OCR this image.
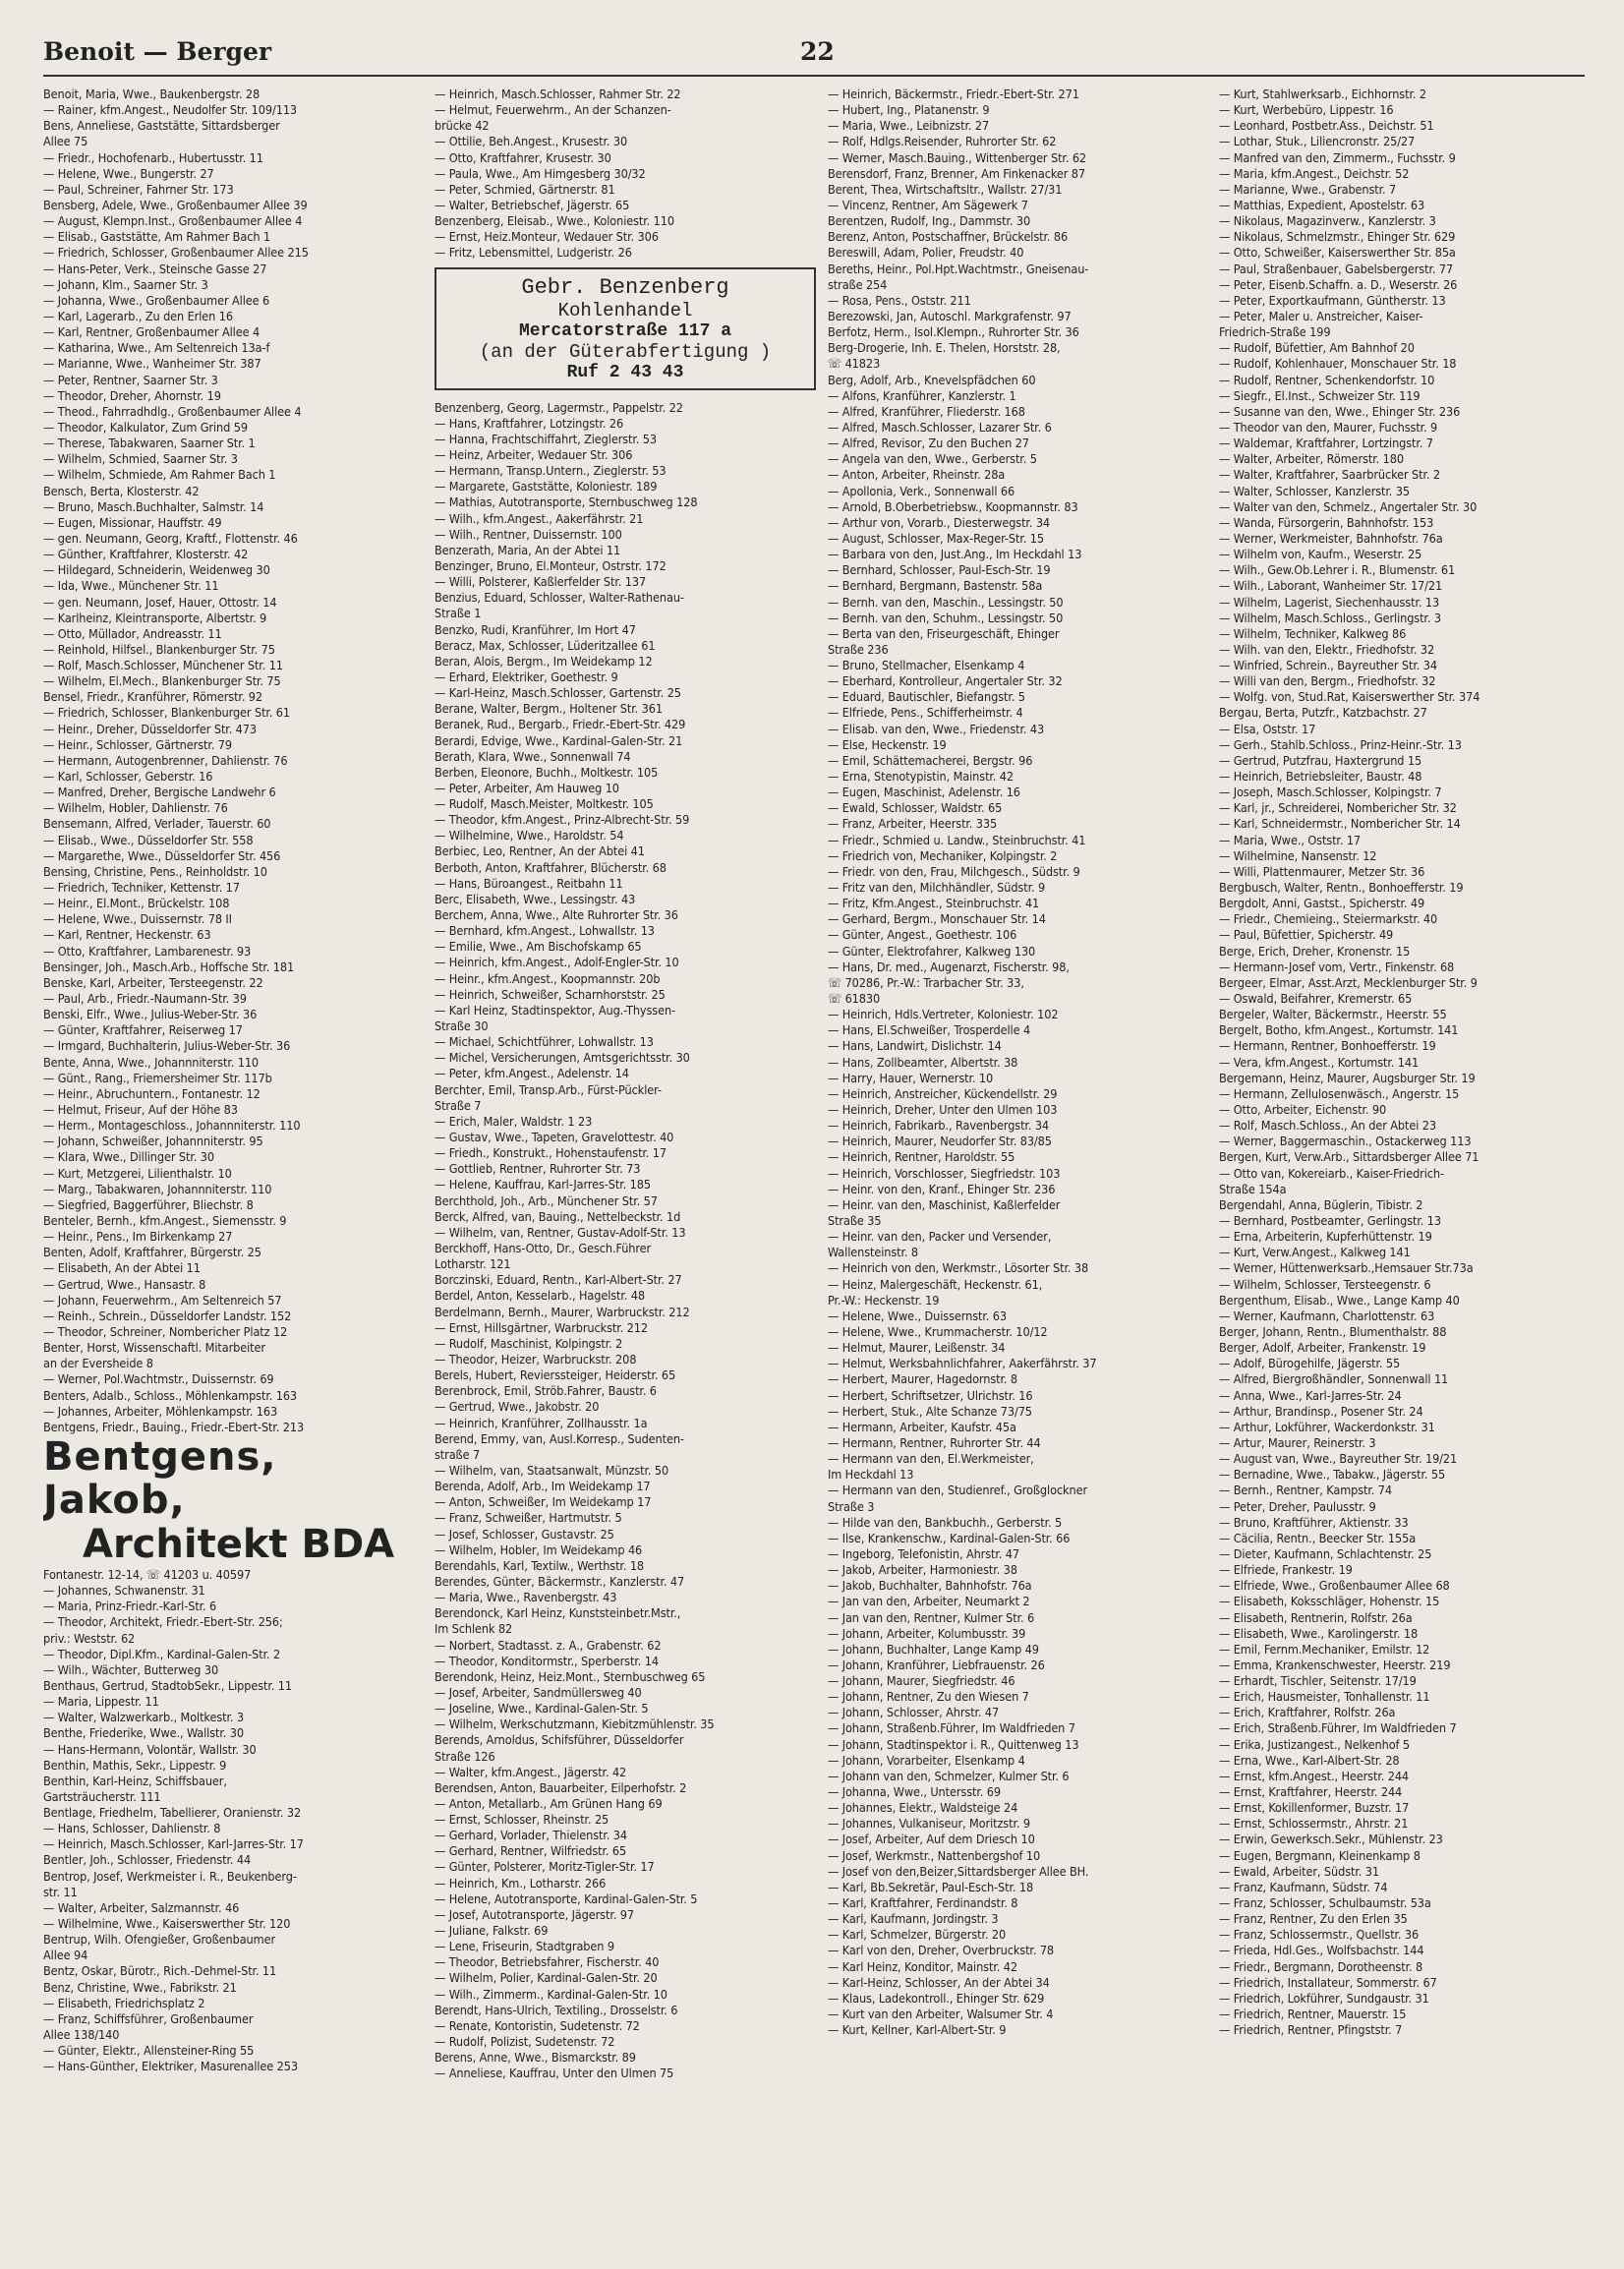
Benoit — Berger	22
Benoit, Maria, Wwe., Baukenbergstr. 28
— Rainer, kfm.Angest., Neudolfer Str. 109/113
Bens, Anneliese, Gaststätte, Sittardsberger
Allee 75
— Friedr., Hochofenarb., Hubertusstr. 11
— Helene, Wwe., Bungerstr. 27
— Paul, Schreiner, Fahrner Str. 173
Bensberg, Adele, Wwe., Großenbaumer Allee 39
— August, Klempn.Inst., Großenbaumer Allee 4
— Elisab., Gaststätte, Am Rahmer Bach 1
— Friedrich, Schlosser, Großenbaumer Allee 215
— Hans-Peter, Verk., Steinsche Gasse 27
— Johann, Klm., Saarner Str. 3
— Johanna, Wwe., Großenbaumer Allee 6
— Karl, Lagerarb., Zu den Erlen 16
— Karl, Rentner, Großenbaumer Allee 4
— Katharina, Wwe., Am Seltenreich 13a-f
— Marianne, Wwe., Wanheimer Str. 387
— Peter, Rentner, Saarner Str. 3
— Theodor, Dreher, Ahornstr. 19
— Theod., Fahrradhdlg., Großenbaumer Allee 4
— Theodor, Kalkulator, Zum Grind 59
— Therese, Tabakwaren, Saarner Str. 1
— Wilhelm, Schmied, Saarner Str. 3
— Wilhelm, Schmiede, Am Rahmer Bach 1
Bensch, Berta, Klosterstr. 42
— Bruno, Masch.Buchhalter, Salmstr. 14
— Eugen, Missionar, Hauffstr. 49
— gen. Neumann, Georg, Kraftf., Flottenstr. 46
— Günther, Kraftfahrer, Klosterstr. 42
— Hildegard, Schneiderin, Weidenweg 30
— Ida, Wwe., Münchener Str. 11
— gen. Neumann, Josef, Hauer, Ottostr. 14
— Karlheinz, Kleintransporte, Albertstr. 9
— Otto, Müllador, Andreasstr. 11
— Reinhold, Hilfsel., Blankenburger Str. 75
— Rolf, Masch.Schlosser, Münchener Str. 11
— Wilhelm, El.Mech., Blankenburger Str. 75
Bensel, Friedr., Kranführer, Römerstr. 92
— Friedrich, Schlosser, Blankenburger Str. 61
— Heinr., Dreher, Düsseldorfer Str. 473
— Heinr., Schlosser, Gärtnerstr. 79
— Hermann, Autogenbrenner, Dahlienstr. 76
— Karl, Schlosser, Geberstr. 16
— Manfred, Dreher, Bergische Landwehr 6
— Wilhelm, Hobler, Dahlienstr. 76
Bensemann, Alfred, Verlader, Tauerstr. 60
— Elisab., Wwe., Düsseldorfer Str. 558
— Margarethe, Wwe., Düsseldorfer Str. 456
Bensing, Christine, Pens., Reinholdstr. 10
— Friedrich, Techniker, Kettenstr. 17
— Heinr., El.Mont., Brückelstr. 108
— Helene, Wwe., Duissernstr. 78 II
— Karl, Rentner, Heckenstr. 63
— Otto, Kraftfahrer, Lambarenestr. 93
Bensinger, Joh., Masch.Arb., Hoffsche Str. 181
Benske, Karl, Arbeiter, Tersteegenstr. 22
— Paul, Arb., Friedr.-Naumann-Str. 39
Benski, Elfr., Wwe., Julius-Weber-Str. 36
— Günter, Kraftfahrer, Reiserweg 17
— Irmgard, Buchhalterin, Julius-Weber-Str. 36
Bente, Anna, Wwe., Johannniterstr. 110
— Günt., Rang., Friemersheimer Str. 117b
— Heinr., Abruchuntern., Fontanestr. 12
— Helmut, Friseur, Auf der Höhe 83
— Herm., Montageschloss., Johannniterstr. 110
— Johann, Schweißer, Johannniterstr. 95
— Klara, Wwe., Dillinger Str. 30
— Kurt, Metzgerei, Lilienthalstr. 10
— Marg., Tabakwaren, Johannniterstr. 110
— Siegfried, Baggerführer, Bliechstr. 8
Benteler, Bernh., kfm.Angest., Siemensstr. 9
— Heinr., Pens., Im Birkenkamp 27
Benten, Adolf, Kraftfahrer, Bürgerstr. 25
— Elisabeth, An der Abtei 11
— Gertrud, Wwe., Hansastr. 8
— Johann, Feuerwehrm., Am Seltenreich 57
— Reinh., Schrein., Düsseldorfer Landstr. 152
— Theodor, Schreiner, Nombericher Platz 12
Benter, Horst, Wissenschaftl. Mitarbeiter
an der Eversheide 8
— Werner, Pol.Wachtmstr., Duissernstr. 69
Benters, Adalb., Schloss., Möhlenkampstr. 163
— Johannes, Arbeiter, Möhlenkampstr. 163
Bentgens, Friedr., Bauing., Friedr.-Ebert-Str. 213
Bentgens, Jakob,
Architekt BDA
Fontanestr. 12-14, ☏ 41203 u. 40597
— Johannes, Schwanenstr. 31
— Maria, Prinz-Friedr.-Karl-Str. 6
— Theodor, Architekt, Friedr.-Ebert-Str. 256;
priv.: Weststr. 62
— Theodor, Dipl.Kfm., Kardinal-Galen-Str. 2
— Wilh., Wächter, Butterweg 30
Benthaus, Gertrud, StadtobSekr., Lippestr. 11
— Maria, Lippestr. 11
— Walter, Walzwerkarb., Moltkestr. 3
Benthe, Friederike, Wwe., Wallstr. 30
— Hans-Hermann, Volontär, Wallstr. 30
Benthin, Mathis, Sekr., Lippestr. 9
Benthin, Karl-Heinz, Schiffsbauer,
Gartsträucherstr. 111
Bentlage, Friedhelm, Tabellierer, Oranienstr. 32
— Hans, Schlosser, Dahlienstr. 8
— Heinrich, Masch.Schlosser, Karl-Jarres-Str. 17
Bentler, Joh., Schlosser, Friedenstr. 44
Bentrop, Josef, Werkmeister i. R., Beukenberg-
str. 11
— Walter, Arbeiter, Salzmannstr. 46
— Wilhelmine, Wwe., Kaiserswerther Str. 120
Bentrup, Wilh. Ofengießer, Großenbaumer
Allee 94
Bentz, Oskar, Bürotr., Rich.-Dehmel-Str. 11
Benz, Christine, Wwe., Fabrikstr. 21
— Elisabeth, Friedrichsplatz 2
— Franz, Schiffsführer, Großenbaumer
Allee 138/140
— Günter, Elektr., Allensteiner-Ring 55
— Hans-Günther, Elektriker, Masurenallee 253
— Heinrich, Masch.Schlosser, Rahmer Str. 22
— Helmut, Feuerwehrm., An der Schanzen-
brücke 42
— Ottilie, Beh.Angest., Krusestr. 30
— Otto, Kraftfahrer, Krusestr. 30
— Paula, Wwe., Am Himgesberg 30/32
— Peter, Schmied, Gärtnerstr. 81
— Walter, Betriebschef, Jägerstr. 65
Benzenberg, Eleisab., Wwe., Koloniestr. 110
— Ernst, Heiz.Monteur, Wedauer Str. 306
— Fritz, Lebensmittel, Ludgeristr. 26
Gebr. Benzenberg
Kohlenhandel
Mercatorstraße 117 a
(an der Güterabfertigung )
Ruf 2 43 43
Benzenberg, Georg, Lagermstr., Pappelstr. 22
— Hans, Kraftfahrer, Lotzingstr. 26
— Hanna, Frachtschiffahrt, Zieglerstr. 53
— Heinz, Arbeiter, Wedauer Str. 306
— Hermann, Transp.Untern., Zieglerstr. 53
— Margarete, Gaststätte, Koloniestr. 189
— Mathias, Autotransporte, Sternbuschweg 128
— Wilh., kfm.Angest., Aakerfährstr. 21
— Wilh., Rentner, Duissernstr. 100
Benzerath, Maria, An der Abtei 11
Benzinger, Bruno, El.Monteur, Ostrstr. 172
— Willi, Polsterer, Kaßlerfelder Str. 137
Benzius, Eduard, Schlosser, Walter-Rathenau-
Straße 1
Benzko, Rudi, Kranführer, Im Hort 47
Beracz, Max, Schlosser, Lüderitzallee 61
Beran, Alois, Bergm., Im Weidekamp 12
— Erhard, Elektriker, Goethestr. 9
— Karl-Heinz, Masch.Schlosser, Gartenstr. 25
Berane, Walter, Bergm., Holtener Str. 361
Beranek, Rud., Bergarb., Friedr.-Ebert-Str. 429
Berardi, Edvige, Wwe., Kardinal-Galen-Str. 21
Berath, Klara, Wwe., Sonnenwall 74
Berben, Eleonore, Buchh., Moltkestr. 105
— Peter, Arbeiter, Am Hauweg 10
— Rudolf, Masch.Meister, Moltkestr. 105
— Theodor, kfm.Angest., Prinz-Albrecht-Str. 59
— Wilhelmine, Wwe., Haroldstr. 54
Berbiec, Leo, Rentner, An der Abtei 41
Berboth, Anton, Kraftfahrer, Blücherstr. 68
— Hans, Büroangest., Reitbahn 11
Berc, Elisabeth, Wwe., Lessingstr. 43
Berchem, Anna, Wwe., Alte Ruhrorter Str. 36
— Bernhard, kfm.Angest., Lohwallstr. 13
— Emilie, Wwe., Am Bischofskamp 65
— Heinrich, kfm.Angest., Adolf-Engler-Str. 10
— Heinr., kfm.Angest., Koopmannstr. 20b
— Heinrich, Schweißer, Scharnhorststr. 25
— Karl Heinz, Stadtinspektor, Aug.-Thyssen-
Straße 30
— Michael, Schichtführer, Lohwallstr. 13
— Michel, Versicherungen, Amtsgerichtsstr. 30
— Peter, kfm.Angest., Adelenstr. 14
Berchter, Emil, Transp.Arb., Fürst-Pückler-
Straße 7
— Erich, Maler, Waldstr. 1 23
— Gustav, Wwe., Tapeten, Gravelottestr. 40
— Friedh., Konstrukt., Hohenstaufenstr. 17
— Gottlieb, Rentner, Ruhrorter Str. 73
— Helene, Kauffrau, Karl-Jarres-Str. 185
Berchthold, Joh., Arb., Münchener Str. 57
Berck, Alfred, van, Bauing., Nettelbeckstr. 1d
— Wilhelm, van, Rentner, Gustav-Adolf-Str. 13
Berckhoff, Hans-Otto, Dr., Gesch.Führer
Lotharstr. 121
Borczinski, Eduard, Rentn., Karl-Albert-Str. 27
Berdel, Anton, Kesselarb., Hagelstr. 48
Berdelmann, Bernh., Maurer, Warbruckstr. 212
— Ernst, Hillsgärtner, Warbruckstr. 212
— Rudolf, Maschinist, Kolpingstr. 2
— Theodor, Heizer, Warbruckstr. 208
Berels, Hubert, Revierssteiger, Heiderstr. 65
Berenbrock, Emil, Ströb.Fahrer, Baustr. 6
— Gertrud, Wwe., Jakobstr. 20
— Heinrich, Kranführer, Zollhausstr. 1a
Berend, Emmy, van, Ausl.Korresp., Sudenten-
straße 7
— Wilhelm, van, Staatsanwalt, Münzstr. 50
Berenda, Adolf, Arb., Im Weidekamp 17
— Anton, Schweißer, Im Weidekamp 17
— Franz, Schweißer, Hartmutstr. 5
— Josef, Schlosser, Gustavstr. 25
— Wilhelm, Hobler, Im Weidekamp 46
Berendahls, Karl, Textilw., Werthstr. 18
Berendes, Günter, Bäckermstr., Kanzlerstr. 47
— Maria, Wwe., Ravenbergstr. 43
Berendonck, Karl Heinz, Kunststeinbetr.Mstr.,
Im Schlenk 82
— Norbert, Stadtasst. z. A., Grabenstr. 62
— Theodor, Konditormstr., Sperberstr. 14
Berendonk, Heinz, Heiz.Mont., Sternbuschweg 65
— Josef, Arbeiter, Sandmüllersweg 40
— Joseline, Wwe., Kardinal-Galen-Str. 5
— Wilhelm, Werkschutzmann, Kiebitzmühlenstr. 35
Berends, Arnoldus, Schifsführer, Düsseldorfer
Straße 126
— Walter, kfm.Angest., Jägerstr. 42
Berendsen, Anton, Bauarbeiter, Eilperhofstr. 2
— Anton, Metallarb., Am Grünen Hang 69
— Ernst, Schlosser, Rheinstr. 25
— Gerhard, Vorlader, Thielenstr. 34
— Gerhard, Rentner, Wilfriedstr. 65
— Günter, Polsterer, Moritz-Tigler-Str. 17
— Heinrich, Km., Lotharstr. 266
— Helene, Autotransporte, Kardinal-Galen-Str. 5
— Josef, Autotransporte, Jägerstr. 97
— Juliane, Falkstr. 69
— Lene, Friseurin, Stadtgraben 9
— Theodor, Betriebsfahrer, Fischerstr. 40
— Wilhelm, Polier, Kardinal-Galen-Str. 20
— Wilh., Zimmerm., Kardinal-Galen-Str. 10
Berendt, Hans-Ulrich, Textiling., Drosselstr. 6
— Renate, Kontoristin, Sudetenstr. 72
— Rudolf, Polizist, Sudetenstr. 72
Berens, Anne, Wwe., Bismarckstr. 89
— Anneliese, Kauffrau, Unter den Ulmen 75
— Heinrich, Bäckermstr., Friedr.-Ebert-Str. 271
— Hubert, Ing., Platanenstr. 9
— Maria, Wwe., Leibnizstr. 27
— Rolf, Hdlgs.Reisender, Ruhrorter Str. 62
— Werner, Masch.Bauing., Wittenberger Str. 62
Berensdorf, Franz, Brenner, Am Finkenacker 87
Berent, Thea, Wirtschaftsltr., Wallstr. 27/31
— Vincenz, Rentner, Am Sägewerk 7
Berentzen, Rudolf, Ing., Dammstr. 30
Berenz, Anton, Postschaffner, Brückelstr. 86
Bereswill, Adam, Polier, Freudstr. 40
Bereths, Heinr., Pol.Hpt.Wachtmstr., Gneisenau-
straße 254
— Rosa, Pens., Oststr. 211
Berezowski, Jan, Autoschl. Markgrafenstr. 97
Berfotz, Herm., Isol.Klempn., Ruhrorter Str. 36
Berg-Drogerie, Inh. E. Thelen, Horststr. 28,
☏ 41823
Berg, Adolf, Arb., Knevelspfädchen 60
— Alfons, Kranführer, Kanzlerstr. 1
— Alfred, Kranführer, Fliederstr. 168
— Alfred, Masch.Schlosser, Lazarer Str. 6
— Alfred, Revisor, Zu den Buchen 27
— Angela van den, Wwe., Gerberstr. 5
— Anton, Arbeiter, Rheinstr. 28a
— Apollonia, Verk., Sonnenwall 66
— Arnold, B.Oberbetriebsw., Koopmannstr. 83
— Arthur von, Vorarb., Diesterwegstr. 34
— August, Schlosser, Max-Reger-Str. 15
— Barbara von den, Just.Ang., Im Heckdahl 13
— Bernhard, Schlosser, Paul-Esch-Str. 19
— Bernhard, Bergmann, Bastenstr. 58a
— Bernh. van den, Maschin., Lessingstr. 50
— Bernh. van den, Schuhm., Lessingstr. 50
— Berta van den, Friseurgeschäft, Ehinger
Straße 236
— Bruno, Stellmacher, Elsenkamp 4
— Eberhard, Kontrolleur, Angertaler Str. 32
— Eduard, Bautischler, Biefangstr. 5
— Elfriede, Pens., Schifferheimstr. 4
— Elisab. van den, Wwe., Friedenstr. 43
— Else, Heckenstr. 19
— Emil, Schättemacherei, Bergstr. 96
— Erna, Stenotypistin, Mainstr. 42
— Eugen, Maschinist, Adelenstr. 16
— Ewald, Schlosser, Waldstr. 65
— Franz, Arbeiter, Heerstr. 335
— Friedr., Schmied u. Landw., Steinbruchstr. 41
— Friedrich von, Mechaniker, Kolpingstr. 2
— Friedr. von den, Frau, Milchgesch., Südstr. 9
— Fritz van den, Milchhändler, Südstr. 9
— Fritz, Kfm.Angest., Steinbruchstr. 41
— Gerhard, Bergm., Monschauer Str. 14
— Günter, Angest., Goethestr. 106
— Günter, Elektrofahrer, Kalkweg 130
— Hans, Dr. med., Augenarzt, Fischerstr. 98,
☏ 70286, Pr.-W.: Trarbacher Str. 33,
☏ 61830
— Heinrich, Hdls.Vertreter, Koloniestr. 102
— Hans, El.Schweißer, Trosperdelle 4
— Hans, Landwirt, Dislichstr. 14
— Hans, Zollbeamter, Albertstr. 38
— Harry, Hauer, Wernerstr. 10
— Heinrich, Anstreicher, Kückendellstr. 29
— Heinrich, Dreher, Unter den Ulmen 103
— Heinrich, Fabrikarb., Ravenbergstr. 34
— Heinrich, Maurer, Neudorfer Str. 83/85
— Heinrich, Rentner, Haroldstr. 55
— Heinrich, Vorschlosser, Siegfriedstr. 103
— Heinr. von den, Kranf., Ehinger Str. 236
— Heinr. van den, Maschinist, Kaßlerfelder
Straße 35
— Heinr. van den, Packer und Versender,
Wallensteinstr. 8
— Heinrich von den, Werkmstr., Lösorter Str. 38
— Heinz, Malergeschäft, Heckenstr. 61,
Pr.-W.: Heckenstr. 19
— Helene, Wwe., Duissernstr. 63
— Helene, Wwe., Krummacherstr. 10/12
— Helmut, Maurer, Leißenstr. 34
— Helmut, Werksbahnlichfahrer, Aakerfährstr. 37
— Herbert, Maurer, Hagedornstr. 8
— Herbert, Schriftsetzer, Ulrichstr. 16
— Herbert, Stuk., Alte Schanze 73/75
— Hermann, Arbeiter, Kaufstr. 45a
— Hermann, Rentner, Ruhrorter Str. 44
— Hermann van den, El.Werkmeister,
Im Heckdahl 13
— Hermann van den, Studienref., Großglockner
Straße 3
— Hilde van den, Bankbuchh., Gerberstr. 5
— Ilse, Krankenschw., Kardinal-Galen-Str. 66
— Ingeborg, Telefonistin, Ahrstr. 47
— Jakob, Arbeiter, Harmoniestr. 38
— Jakob, Buchhalter, Bahnhofstr. 76a
— Jan van den, Arbeiter, Neumarkt 2
— Jan van den, Rentner, Kulmer Str. 6
— Johann, Arbeiter, Kolumbusstr. 39
— Johann, Buchhalter, Lange Kamp 49
— Johann, Kranführer, Liebfrauenstr. 26
— Johann, Maurer, Siegfriedstr. 46
— Johann, Rentner, Zu den Wiesen 7
— Johann, Schlosser, Ahrstr. 47
— Johann, Straßenb.Führer, Im Waldfrieden 7
— Johann, Stadtinspektor i. R., Quittenweg 13
— Johann, Vorarbeiter, Elsenkamp 4
— Johann van den, Schmelzer, Kulmer Str. 6
— Johanna, Wwe., Untersstr. 69
— Johannes, Elektr., Waldsteige 24
— Johannes, Vulkaniseur, Moritzstr. 9
— Josef, Arbeiter, Auf dem Driesch 10
— Josef, Werkmstr., Nattenbergshof 10
— Josef von den,Beizer,Sittardsberger Allee BH.
— Karl, Bb.Sekretär, Paul-Esch-Str. 18
— Karl, Kraftfahrer, Ferdinandstr. 8
— Karl, Kaufmann, Jordingstr. 3
— Karl, Schmelzer, Bürgerstr. 20
— Karl von den, Dreher, Overbruckstr. 78
— Karl Heinz, Konditor, Mainstr. 42
— Karl-Heinz, Schlosser, An der Abtei 34
— Klaus, Ladekontroll., Ehinger Str. 629
— Kurt van den Arbeiter, Walsumer Str. 4
— Kurt, Kellner, Karl-Albert-Str. 9
— Kurt, Stahlwerksarb., Eichhornstr. 2
— Kurt, Werbebüro, Lippestr. 16
— Leonhard, Postbetr.Ass., Deichstr. 51
— Lothar, Stuk., Liliencronstr. 25/27
— Manfred van den, Zimmerm., Fuchsstr. 9
— Maria, kfm.Angest., Deichstr. 52
— Marianne, Wwe., Grabenstr. 7
— Matthias, Expedient, Apostelstr. 63
— Nikolaus, Magazinverw., Kanzlerstr. 3
— Nikolaus, Schmelzmstr., Ehinger Str. 629
— Otto, Schweißer, Kaiserswerther Str. 85a
— Paul, Straßenbauer, Gabelsbergerstr. 77
— Peter, Eisenb.Schaffn. a. D., Weserstr. 26
— Peter, Exportkaufmann, Güntherstr. 13
— Peter, Maler u. Anstreicher, Kaiser-
Friedrich-Straße 199
— Rudolf, Büfettier, Am Bahnhof 20
— Rudolf, Kohlenhauer, Monschauer Str. 18
— Rudolf, Rentner, Schenkendorfstr. 10
— Siegfr., El.Inst., Schweizer Str. 119
— Susanne van den, Wwe., Ehinger Str. 236
— Theodor van den, Maurer, Fuchsstr. 9
— Waldemar, Kraftfahrer, Lortzingstr. 7
— Walter, Arbeiter, Römerstr. 180
— Walter, Kraftfahrer, Saarbrücker Str. 2
— Walter, Schlosser, Kanzlerstr. 35
— Walter van den, Schmelz., Angertaler Str. 30
— Wanda, Fürsorgerin, Bahnhofstr. 153
— Werner, Werkmeister, Bahnhofstr. 76a
— Wilhelm von, Kaufm., Weserstr. 25
— Wilh., Gew.Ob.Lehrer i. R., Blumenstr. 61
— Wilh., Laborant, Wanheimer Str. 17/21
— Wilhelm, Lagerist, Siechenhausstr. 13
— Wilhelm, Masch.Schloss., Gerlingstr. 3
— Wilhelm, Techniker, Kalkweg 86
— Wilh. van den, Elektr., Friedhofstr. 32
— Winfried, Schrein., Bayreuther Str. 34
— Willi van den, Bergm., Friedhofstr. 32
— Wolfg. von, Stud.Rat, Kaiserswerther Str. 374
Bergau, Berta, Putzfr., Katzbachstr. 27
— Elsa, Oststr. 17
— Gerh., Stahlb.Schloss., Prinz-Heinr.-Str. 13
— Gertrud, Putzfrau, Haxtergrund 15
— Heinrich, Betriebsleiter, Baustr. 48
— Joseph, Masch.Schlosser, Kolpingstr. 7
— Karl, jr., Schreiderei, Nombericher Str. 32
— Karl, Schneidermstr., Nombericher Str. 14
— Maria, Wwe., Oststr. 17
— Wilhelmine, Nansenstr. 12
— Willi, Plattenmaurer, Metzer Str. 36
Bergbusch, Walter, Rentn., Bonhoefferstr. 19
Bergdolt, Anni, Gastst., Spicherstr. 49
— Friedr., Chemieing., Steiermarkstr. 40
— Paul, Büfettier, Spicherstr. 49
Berge, Erich, Dreher, Kronenstr. 15
— Hermann-Josef vom, Vertr., Finkenstr. 68
Bergeer, Elmar, Asst.Arzt, Mecklenburger Str. 9
— Oswald, Beifahrer, Kremerstr. 65
Bergeler, Walter, Bäckermstr., Heerstr. 55
Bergelt, Botho, kfm.Angest., Kortumstr. 141
— Hermann, Rentner, Bonhoefferstr. 19
— Vera, kfm.Angest., Kortumstr. 141
Bergemann, Heinz, Maurer, Augsburger Str. 19
— Hermann, Zellulosenwäsch., Angerstr. 15
— Otto, Arbeiter, Eichenstr. 90
— Rolf, Masch.Schloss., An der Abtei 23
— Werner, Baggermaschin., Ostackerweg 113
Bergen, Kurt, Verw.Arb., Sittardsberger Allee 71
— Otto van, Kokereiarb., Kaiser-Friedrich-
Straße 154a
Bergendahl, Anna, Büglerin, Tibistr. 2
— Bernhard, Postbeamter, Gerlingstr. 13
— Erna, Arbeiterin, Kupferhüttenstr. 19
— Kurt, Verw.Angest., Kalkweg 141
— Werner, Hüttenwerksarb.,Hemsauer Str.73a
— Wilhelm, Schlosser, Tersteegenstr. 6
Bergenthum, Elisab., Wwe., Lange Kamp 40
— Werner, Kaufmann, Charlottenstr. 63
Berger, Johann, Rentn., Blumenthalstr. 88
Berger, Adolf, Arbeiter, Frankenstr. 19
— Adolf, Bürogehilfe, Jägerstr. 55
— Alfred, Biergroßhändler, Sonnenwall 11
— Anna, Wwe., Karl-Jarres-Str. 24
— Arthur, Brandinsp., Posener Str. 24
— Arthur, Lokführer, Wackerdonkstr. 31
— Artur, Maurer, Reinerstr. 3
— August van, Wwe., Bayreuther Str. 19/21
— Bernadine, Wwe., Tabakw., Jägerstr. 55
— Bernh., Rentner, Kampstr. 74
— Peter, Dreher, Paulusstr. 9
— Bruno, Kraftführer, Aktienstr. 33
— Cäcilia, Rentn., Beecker Str. 155a
— Dieter, Kaufmann, Schlachtenstr. 25
— Elfriede, Frankestr. 19
— Elfriede, Wwe., Großenbaumer Allee 68
— Elisabeth, Koksschläger, Hohenstr. 15
— Elisabeth, Rentnerin, Rolfstr. 26a
— Elisabeth, Wwe., Karolingerstr. 18
— Emil, Fernm.Mechaniker, Emilstr. 12
— Emma, Krankenschwester, Heerstr. 219
— Erhardt, Tischler, Seitenstr. 17/19
— Erich, Hausmeister, Tonhallenstr. 11
— Erich, Kraftfahrer, Rolfstr. 26a
— Erich, Straßenb.Führer, Im Waldfrieden 7
— Erika, Justizangest., Nelkenhof 5
— Erna, Wwe., Karl-Albert-Str. 28
— Ernst, kfm.Angest., Heerstr. 244
— Ernst, Kraftfahrer, Heerstr. 244
— Ernst, Kokillenformer, Buzstr. 17
— Ernst, Schlossermstr., Ahrstr. 21
— Erwin, Gewerksch.Sekr., Mühlenstr. 23
— Eugen, Bergmann, Kleinenkamp 8
— Ewald, Arbeiter, Südstr. 31
— Franz, Kaufmann, Südstr. 74
— Franz, Schlosser, Schulbaumstr. 53a
— Franz, Rentner, Zu den Erlen 35
— Franz, Schlossermstr., Quellstr. 36
— Frieda, Hdl.Ges., Wolfsbachstr. 144
— Friedr., Bergmann, Dorotheenstr. 8
— Friedrich, Installateur, Sommerstr. 67
— Friedrich, Lokführer, Sundgaustr. 31
— Friedrich, Rentner, Mauerstr. 15
— Friedrich, Rentner, Pfingststr. 7
